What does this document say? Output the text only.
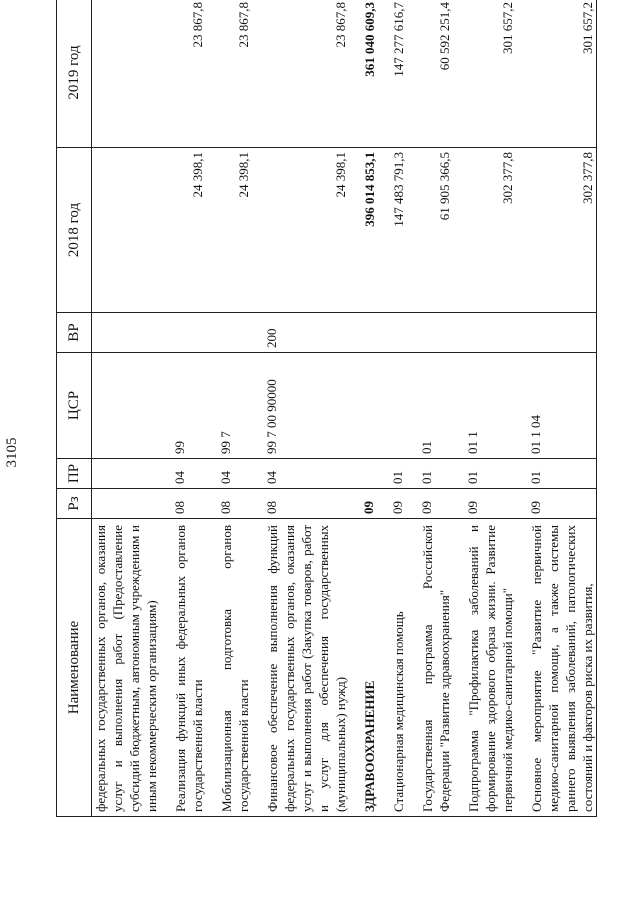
3105
Наименование	Рз	ПР	ЦСР	ВР	2018 год	2019 год
федеральных государственных органов, оказания услуг и выполнения работ (Предоставление субсидий бюджетным, автономным учреждениям и иным некоммерческим организациям)						
Реализация функций иных федеральных органов государственной власти	08	04	99		24 398,1	23 867,8
Мобилизационная подготовка органов государственной власти	08	04	99 7		24 398,1	23 867,8
Финансовое обеспечение выполнения функций федеральных государственных органов, оказания услуг и выполнения работ (Закупка товаров, работ и услуг для обеспечения государственных (муниципальных) нужд)	08	04	99 7 00 90000	200	24 398,1	23 867,8
ЗДРАВООХРАНЕНИЕ	09				396 014 853,1	361 040 609,3
Стационарная медицинская помощь	09	01			147 483 791,3	147 277 616,7
Государственная программа Российской Федерации "Развитие здравоохранения"	09	01	01		61 905 366,5	60 592 251,4
Подпрограмма "Профилактика заболеваний и формирование здорового образа жизни. Развитие первичной медико-санитарной помощи"	09	01	01 1		302 377,8	301 657,2
Основное мероприятие "Развитие первичной медико-санитарной помощи, а также системы раннего выявления заболеваний, патологических состояний и факторов риска их развития,	09	01	01 1 04		302 377,8	301 657,2
